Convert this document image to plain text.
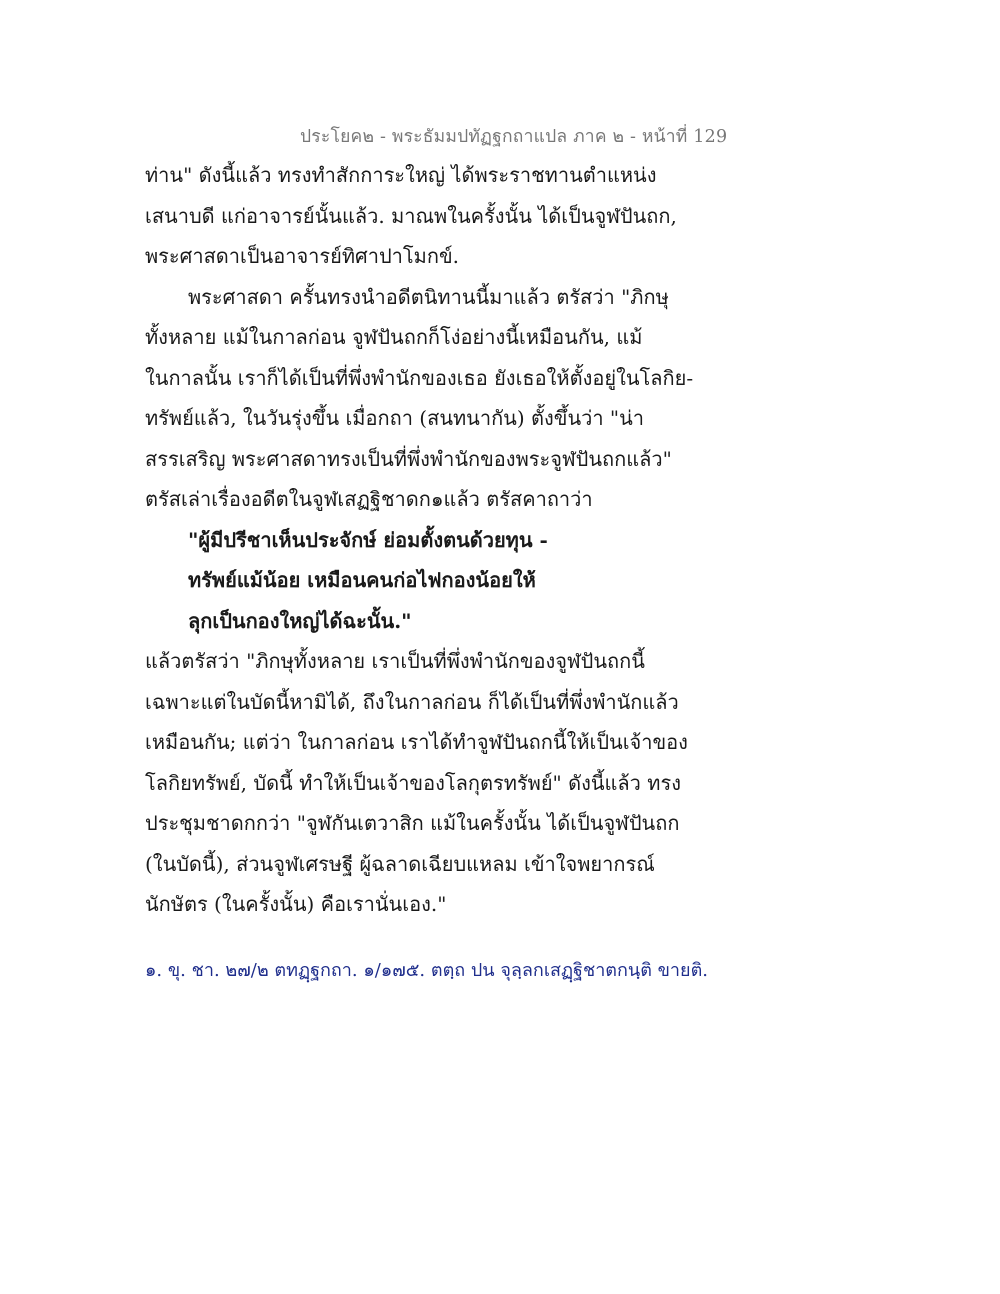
ประโยค๒ - พระธัมมปทัฏฐกถาแปล ภาค ๒ - หน้าที่ 129
ท่าน" ดังนี้แล้ว ทรงทำสักการะใหญ่ ได้พระราชทานตำแหน่ง
เสนาบดี แก่อาจารย์นั้นแล้ว. มาณพในครั้งนั้น ได้เป็นจูฬปันถก,
พระศาสดาเป็นอาจารย์ทิศาปาโมกข์.
พระศาสดา ครั้นทรงนำอดีตนิทานนี้มาแล้ว ตรัสว่า "ภิกษุ
ทั้งหลาย แม้ในกาลก่อน จูฬปันถกก็โง่อย่างนี้เหมือนกัน, แม้
ในกาลนั้น เราก็ได้เป็นที่พึ่งพำนักของเธอ ยังเธอให้ตั้งอยู่ในโลกิย-
ทรัพย์แล้ว, ในวันรุ่งขึ้น เมื่อกถา (สนทนากัน) ตั้งขึ้นว่า "น่า
สรรเสริญ พระศาสดาทรงเป็นที่พึ่งพำนักของพระจูฬปันถกแล้ว"
ตรัสเล่าเรื่องอดีตในจูฬเสฏฐิชาดก๑แล้ว ตรัสคาถาว่า
"ผู้มีปรีชาเห็นประจักษ์ ย่อมตั้งตนด้วยทุน -
ทรัพย์แม้น้อย เหมือนคนก่อไฟกองน้อยให้
ลุกเป็นกองใหญ่ได้ฉะนั้น."
แล้วตรัสว่า "ภิกษุทั้งหลาย เราเป็นที่พึ่งพำนักของจูฬปันถกนี้
เฉพาะแต่ในบัดนี้หามิได้, ถึงในกาลก่อน ก็ได้เป็นที่พึ่งพำนักแล้ว
เหมือนกัน; แต่ว่า ในกาลก่อน เราได้ทำจูฬปันถกนี้ให้เป็นเจ้าของ
โลกิยทรัพย์, บัดนี้ ทำให้เป็นเจ้าของโลกุตรทรัพย์" ดังนี้แล้ว ทรง
ประชุมชาดกกว่า "จูฬกันเตวาสิก แม้ในครั้งนั้น ได้เป็นจูฬปันถก
(ในบัดนี้), ส่วนจูฬเศรษฐี ผู้ฉลาดเฉียบแหลม เข้าใจพยากรณ์
นักษัตร (ในครั้งนั้น) คือเรานั่นเอง."
๑. ขุ. ชา. ๒๗/๒ ตทฏฺฐกถา. ๑/๑๗๕. ตตฺถ ปน จุลฺลกเสฏฺฐิชาตกนฺติ ขายติ.
